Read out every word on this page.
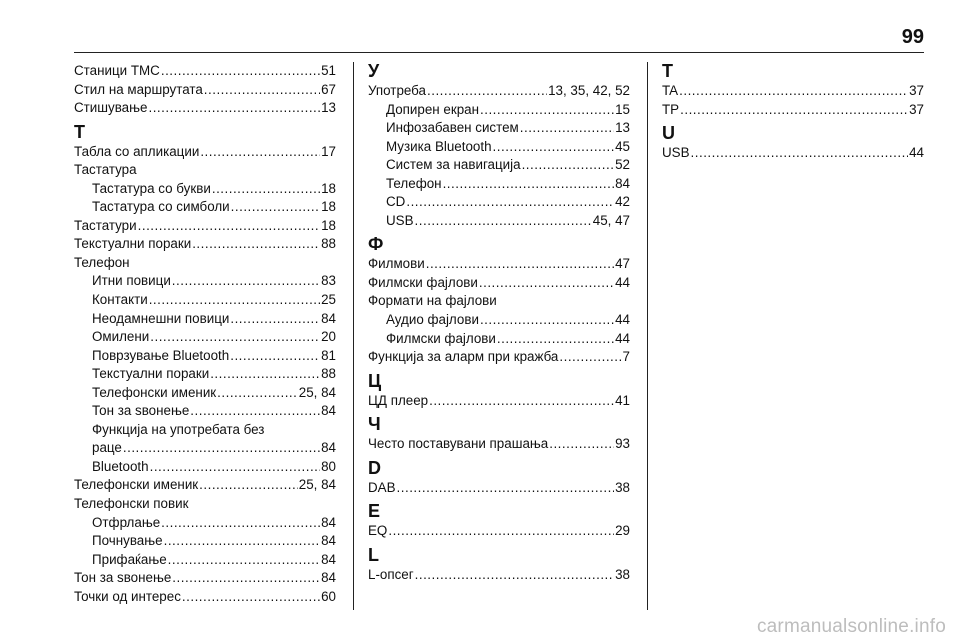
99
Станици TMC .....	51
Стил на маршрутата .....	67
Стишување .....	13
Т
Табла со апликации .....	17
Тастатура
Тастатура со букви .....	18
Тастатура со симболи .....	18
Тастатури .....	18
Текстуални пораки .....	88
Телефон
Итни повици .....	83
Контакти .....	25
Неодамнешни повици .....	84
Омилени .....	20
Поврзување Bluetooth .....	81
Текстуални пораки .....	88
Телефонски именик .....	25, 84
Тон за ѕвонење .....	84
Функција на употребата без
раце .....	84
Bluetooth .....	80
Телефонски именик .....	25, 84
Телефонски повик
Отфрлање .....	84
Почнување .....	84
Прифаќање .....	84
Тон за ѕвонење .....	84
Точки од интерес .....	60
У
Употреба .....	13, 35, 42, 52
Допирен екран .....	15
Инфозабавен систем .....	13
Музика Bluetooth .....	45
Систем за навигација .....	52
Телефон .....	84
CD .....	42
USB .....	45, 47
Ф
Филмови .....	47
Филмски фајлови .....	44
Формати на фајлови
Аудио фајлови .....	44
Филмски фајлови .....	44
Функција за аларм при кражба .....	7
Ц
ЦД плеер .....	41
Ч
Често поставувани прашања .....	93
D
DAB .....	38
E
EQ .....	29
L
L-опсег .....	38
T
TA .....	37
TP .....	37
U
USB .....	44
carmanualsonline.info
